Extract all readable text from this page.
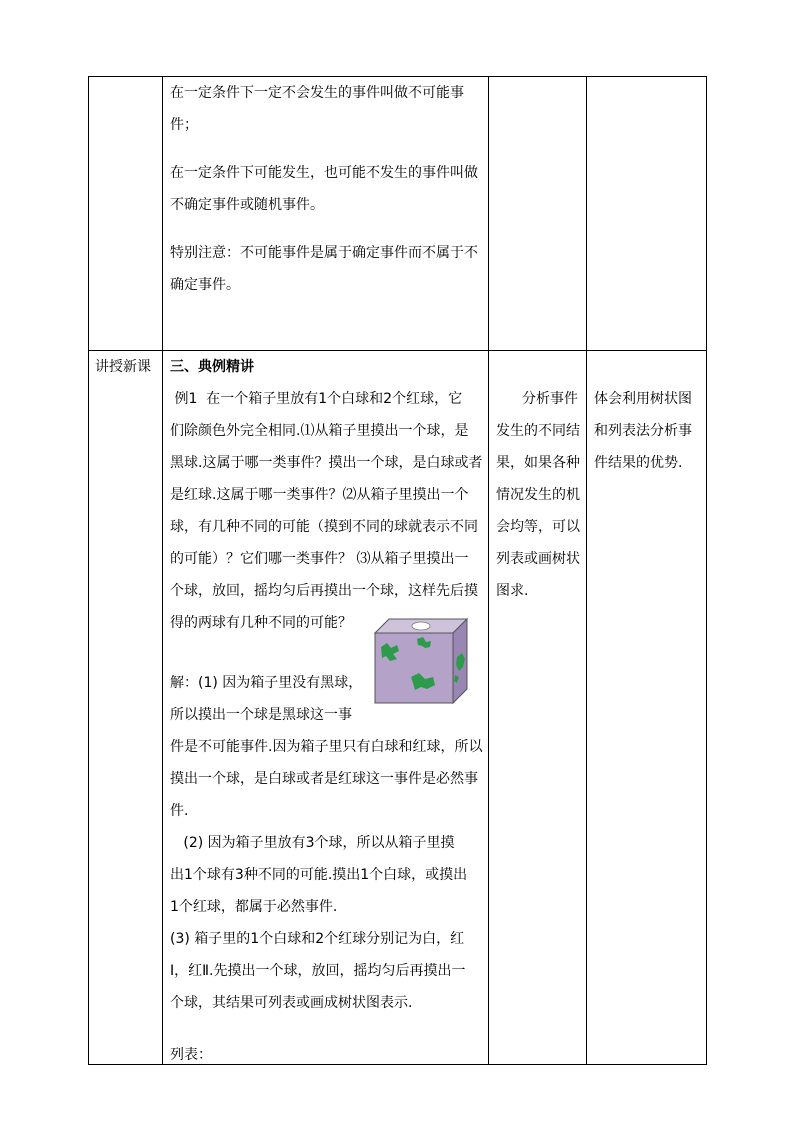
在一定条件下一定不会发生的事件叫做不可能事
件；
在一定条件下可能发生，也可能不发生的事件叫做
不确定事件或随机事件。
特别注意：不可能事件是属于确定事件而不属于不
确定事件。
讲授新课 三、典例精讲
例1  在一个箱子里放有1个白球和2个红球，它
们除颜色外完全相同.⑴从箱子里摸出一个球，是
黑球.这属于哪一类事件？摸出一个球，是白球或者
是红球.这属于哪一类事件？⑵从箱子里摸出一个
球，有几种不同的可能（摸到不同的球就表示不同
的可能）？它们哪一类事件？ ⑶从箱子里摸出一
个球，放回，摇均匀后再摸出一个球，这样先后摸
得的两球有几种不同的可能？
解：(1) 因为箱子里没有黑球，
所以摸出一个球是黑球这一事
件是不可能事件.因为箱子里只有白球和红球，所以
摸出一个球，是白球或者是红球这一事件是必然事
件.
(2) 因为箱子里放有3个球，所以从箱子里摸
出1个球有3种不同的可能.摸出1个白球，或摸出
1个红球，都属于必然事件.
(3) 箱子里的1个白球和2个红球分别记为白，红
Ⅰ，红Ⅱ.先摸出一个球，放回，摇均匀后再摸出一
个球，其结果可列表或画成树状图表示.
列表：
分析事件
发生的不同结
果，如果各种
情况发生的机
会均等，可以
列表或画树状
图求.
体会利用树状图
和列表法分析事
件结果的优势.
